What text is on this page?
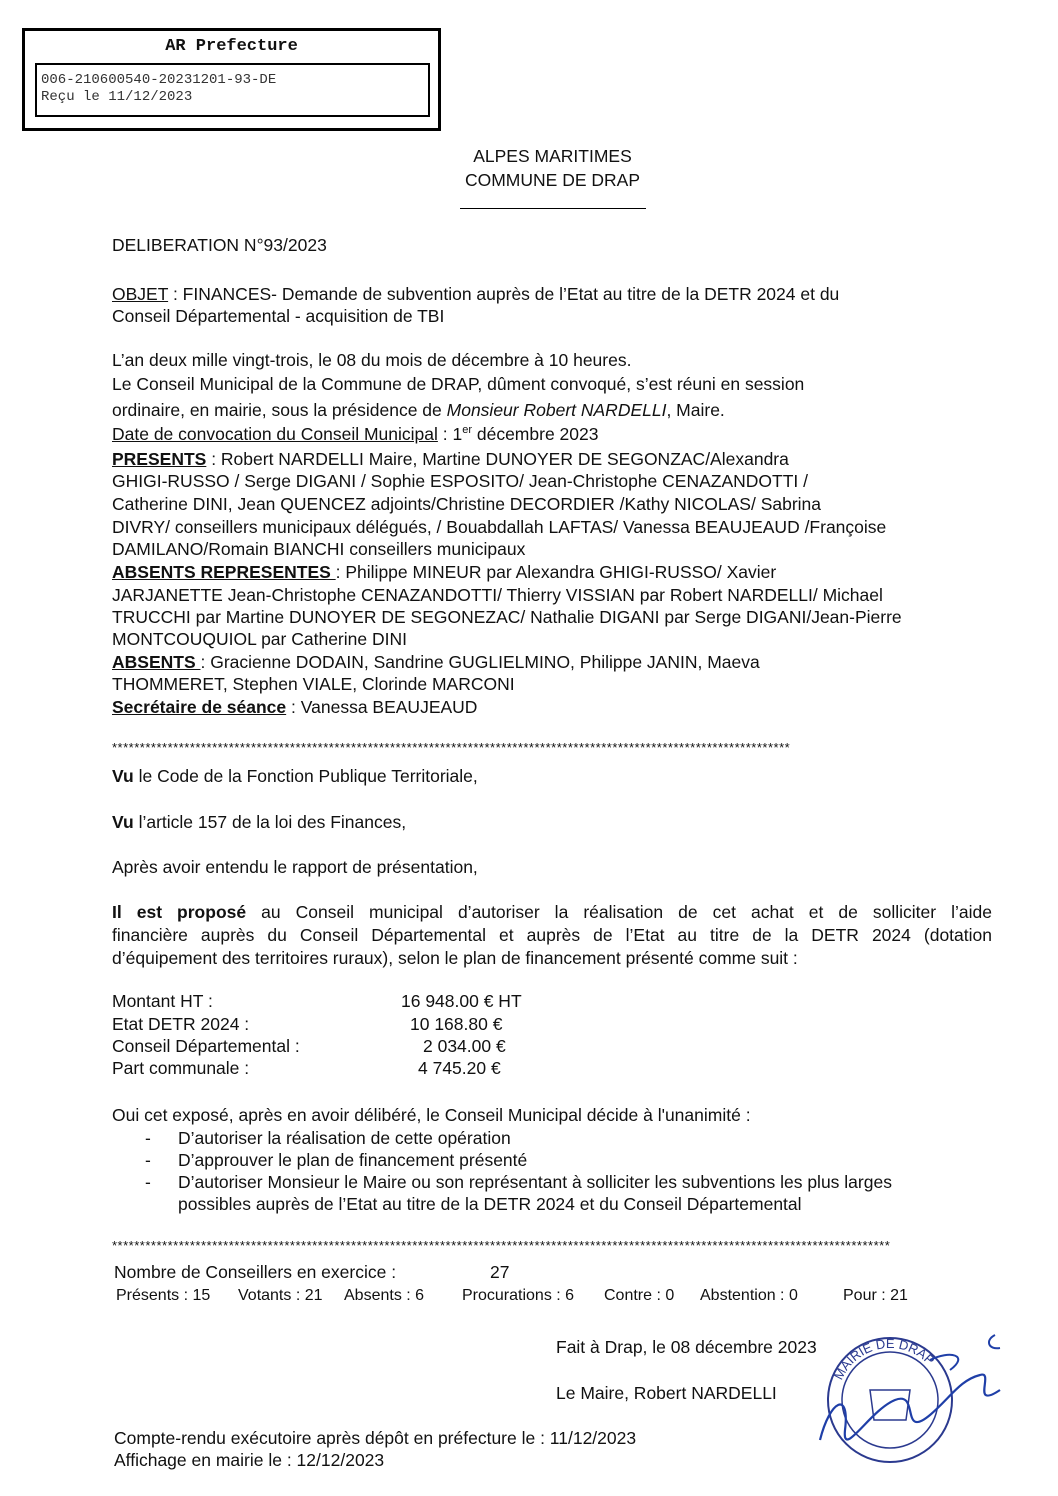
AR Prefecture
006-210600540-20231201-93-DE
Reçu le 11/12/2023
ALPES MARITIMES
COMMUNE DE DRAP
DELIBERATION N°93/2023
OBJET : FINANCES- Demande de subvention auprès de l’Etat au titre de la DETR 2024 et du
Conseil Départemental - acquisition de TBI
L’an deux mille vingt-trois, le 08 du mois de décembre à 10 heures.
Le Conseil Municipal de la Commune de DRAP, dûment convoqué, s’est réuni en session
ordinaire, en mairie, sous la présidence de Monsieur Robert NARDELLI, Maire.
Date de convocation du Conseil Municipal : 1er décembre 2023
PRESENTS : Robert NARDELLI Maire, Martine DUNOYER DE SEGONZAC/Alexandra
GHIGI-RUSSO / Serge DIGANI / Sophie ESPOSITO/ Jean-Christophe CENAZANDOTTI /
Catherine DINI, Jean QUENCEZ adjoints/Christine DECORDIER /Kathy NICOLAS/ Sabrina
DIVRY/ conseillers municipaux délégués, / Bouabdallah LAFTAS/ Vanessa BEAUJEAUD /Françoise
DAMILANO/Romain BIANCHI conseillers municipaux
ABSENTS REPRESENTES : Philippe MINEUR par Alexandra GHIGI-RUSSO/ Xavier
JARJANETTE Jean-Christophe CENAZANDOTTI/ Thierry VISSIAN par Robert NARDELLI/ Michael
TRUCCHI par Martine DUNOYER DE SEGONEZAC/ Nathalie DIGANI par Serge DIGANI/Jean-Pierre
MONTCOUQUIOL par Catherine DINI
ABSENTS : Gracienne DODAIN, Sandrine GUGLIELMINO, Philippe JANIN, Maeva
THOMMERET, Stephen VIALE, Clorinde MARCONI
Secrétaire de séance : Vanessa BEAUJEAUD
**************************************************************************************************************************
Vu le Code de la Fonction Publique Territoriale,
Vu l’article 157 de la loi des Finances,
Après avoir entendu le rapport de présentation,
Il est proposé au Conseil municipal d’autoriser la réalisation de cet achat et de solliciter l’aide
financière auprès du Conseil Départemental et auprès de l’Etat au titre de la DETR 2024 (dotation
d’équipement des territoires ruraux), selon le plan de financement présenté comme suit :
Montant HT :	16 948.00 € HT
Etat DETR 2024 :	10 168.80 €
Conseil Départemental :	2 034.00 €
Part communale :	4 745.20 €
Oui cet exposé, après en avoir délibéré, le Conseil Municipal décide à l'unanimité :
- D’autoriser la réalisation de cette opération
- D’approuver le plan de financement présenté
- D’autoriser Monsieur le Maire ou son représentant à solliciter les subventions les plus larges
possibles auprès de l’Etat au titre de la DETR 2024 et du Conseil Départemental
********************************************************************************************************************************************
Nombre de Conseillers en exercice :	27
Présents : 15 Votants : 21 Absents : 6 Procurations : 6 Contre : 0 Abstention : 0	Pour : 21
Fait à Drap, le 08 décembre 2023
Le Maire, Robert NARDELLI
MAIRIE DE DRAP
Compte-rendu exécutoire après dépôt en préfecture le : 11/12/2023
Affichage en mairie le : 12/12/2023
